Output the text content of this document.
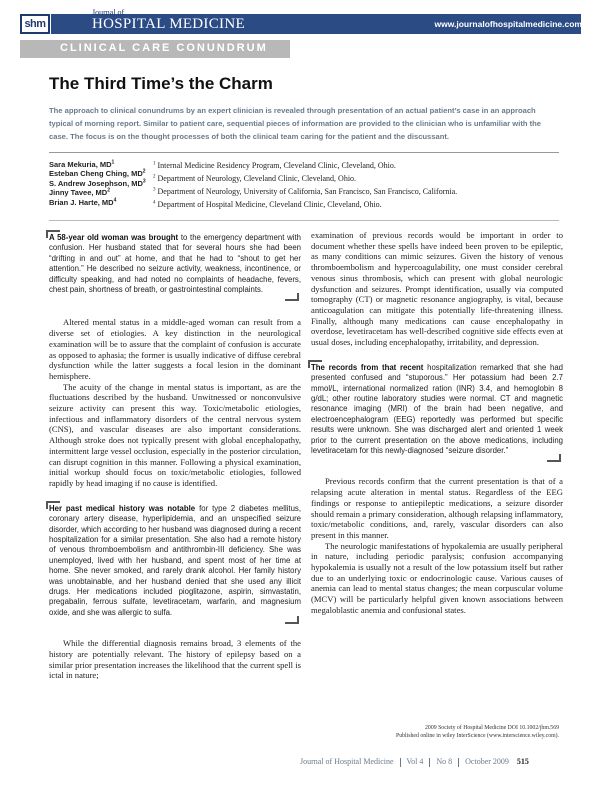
shm
Journal of
HOSPITAL MEDICINE	www.journalofhospitalmedicine.com
CLINICAL CARE CONUNDRUM
The Third Time’s the Charm
The approach to clinical conundrums by an expert clinician is revealed through presentation of an actual patient’s case in an approach typical of morning report. Similar to patient care, sequential pieces of information are provided to the clinician who is unfamiliar with the case. The focus is on the thought processes of both the clinical team caring for the patient and the discussant.
Sara Mekuria, $MD^1$
Esteban Cheng Ching, $MD^2$
S. Andrew Josephson, $MD^3$
Jinny Tavee, $MD^2$
Brian J. Harte, $MD^4$
$^1$ Internal Medicine Residency Program, Cleveland Clinic, Cleveland, Ohio.
$^2$ Department of Neurology, Cleveland Clinic, Cleveland, Ohio.
$^3$ Department of Neurology, University of California, San Francisco, San Francisco, California.
$^4$ Department of Hospital Medicine, Cleveland Clinic, Cleveland, Ohio.
A 58-year old woman was brought to the emergency department with confusion. Her husband stated that for several hours she had been “drifting in and out” at home, and that he had to “shout to get her attention.” He described no seizure activity, weakness, incontinence, or difficulty speaking, and had noted no complaints of headache, fevers, chest pain, shortness of breath, or gastrointestinal complaints.

Altered mental status in a middle-aged woman can result from a diverse set of etiologies. A key distinction in the neurological examination will be to assure that the complaint of confusion is accurate as opposed to aphasia; the former is usually indicative of diffuse cerebral dysfunction while the latter suggests a focal lesion in the dominant hemisphere.

The acuity of the change in mental status is important, as are the fluctuations described by the husband. Unwitnessed or nonconvulsive seizure activity can present this way. Toxic/metabolic etiologies, infectious and inflammatory disorders of the central nervous system (CNS), and vascular diseases are also important considerations. Although stroke does not typically present with global encephalopathy, intermittent large vessel occlusion, especially in the posterior circulation, can disrupt cognition in this manner. Following a physical examination, initial workup should focus on toxic/metabolic etiologies, followed rapidly by head imaging if no cause is identified.

Her past medical history was notable for type 2 diabetes mellitus, coronary artery disease, hyperlipidemia, and an unspecified seizure disorder, which according to her husband was diagnosed during a recent hospitalization for a similar presentation. She also had a remote history of venous thromboembolism and antithrombin-III deficiency. She was unemployed, lived with her husband, and spent most of her time at home. She never smoked, and rarely drank alcohol. Her family history was unobtainable, and her husband denied that she used any illicit drugs. Her medications included pioglitazone, aspirin, simvastatin, pregabalin, ferrous sulfate, levetiracetam, warfarin, and magnesium oxide, and she was allergic to sulfa.

While the differential diagnosis remains broad, 3 elements of the history are potentially relevant. The history of epilepsy based on a similar prior presentation increases the likelihood that the current spell is ictal in nature;

examination of previous records would be important in order to document whether these spells have indeed been proven to be epileptic, as many conditions can mimic seizures. Given the history of venous thromboembolism and hypercoagulability, one must consider cerebral venous sinus thrombosis, which can present with global neurologic dysfunction and seizures. Prompt identification, usually via computed tomography (CT) or magnetic resonance angiography, is vital, because anticoagulation can mitigate this potentially life-threatening illness. Finally, although many medications can cause encephalopathy in overdose, levetiracetam has well-described cognitive side effects even at usual doses, including encephalopathy, irritability, and depression.

The records from that recent hospitalization remarked that she had presented confused and “stuporous.” Her potassium had been 2.7 mmol/L, international normalized ration (INR) 3.4, and hemoglobin 8 g/dL; other routine laboratory studies were normal. CT and magnetic resonance imaging (MRI) of the brain had been negative, and electroencephalogram (EEG) reportedly was performed but specific results were unknown. She was discharged alert and oriented 1 week prior to the current presentation on the above medications, including levetiracetam for this newly-diagnosed “seizure disorder.”

Previous records confirm that the current presentation is that of a relapsing acute alteration in mental status. Regardless of the EEG findings or response to antiepileptic medications, a seizure disorder should remain a primary consideration, although relapsing inflammatory, toxic/metabolic conditions, and, rarely, vascular disorders can also present in this manner.

The neurologic manifestations of hypokalemia are usually peripheral in nature, including periodic paralysis; confusion accompanying hypokalemia is usually not a result of the low potassium itself but rather due to an underlying toxic or endocrinologic cause. Various causes of anemia can lead to mental status changes; the mean corpuscular volume (MCV) will be particularly helpful given known associations between megaloblastic anemia and confusional states.

2009 Society of Hospital Medicine DOI 10.1002/jhm.569
Published online in wiley InterScience (www.interscience.wiley.com).
Journal of Hospital Medicine Vol 4 No 8 October 2009 515
